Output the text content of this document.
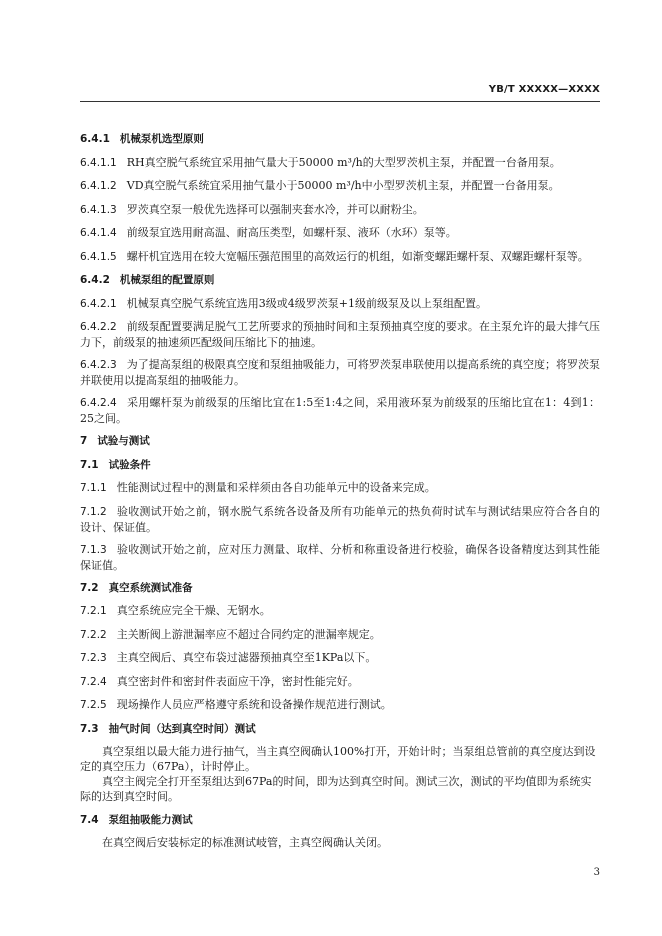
YB/T XXXXX—XXXX
6.4.1 机械泵机选型原则
6.4.1.1 RH真空脱气系统宜采用抽气量大于50000 m³/h的大型罗茨机主泵，并配置一台备用泵。
6.4.1.2 VD真空脱气系统宜采用抽气量小于50000 m³/h中小型罗茨机主泵，并配置一台备用泵。
6.4.1.3 罗茨真空泵一般优先选择可以强制夹套水冷，并可以耐粉尘。
6.4.1.4 前级泵宜选用耐高温、耐高压类型，如螺杆泵、液环（水环）泵等。
6.4.1.5 螺杆机宜选用在较大宽幅压强范围里的高效运行的机组，如渐变螺距螺杆泵、双螺距螺杆泵等。
6.4.2 机械泵组的配置原则
6.4.2.1 机械泵真空脱气系统宜选用3级或4级罗茨泵+1级前级泵及以上泵组配置。
6.4.2.2 前级泵配置要满足脱气工艺所要求的预抽时间和主泵预抽真空度的要求。在主泵允许的最大排气压力下，前级泵的抽速须匹配级间压缩比下的抽速。
6.4.2.3 为了提高泵组的极限真空度和泵组抽吸能力，可将罗茨泵串联使用以提高系统的真空度；将罗茨泵并联使用以提高泵组的抽吸能力。
6.4.2.4 采用螺杆泵为前级泵的压缩比宜在1:5至1:4之间，采用液环泵为前级泵的压缩比宜在1：4到1：25之间。
7 试验与测试
7.1 试验条件
7.1.1 性能测试过程中的测量和采样须由各自功能单元中的设备来完成。
7.1.2 验收测试开始之前，钢水脱气系统各设备及所有功能单元的热负荷时试车与测试结果应符合各自的设计、保证值。
7.1.3 验收测试开始之前，应对压力测量、取样、分析和称重设备进行校验，确保各设备精度达到其性能保证值。
7.2 真空系统测试准备
7.2.1 真空系统应完全干燥、无钢水。
7.2.2 主关断阀上游泄漏率应不超过合同约定的泄漏率规定。
7.2.3 主真空阀后、真空布袋过滤器预抽真空至1KPa以下。
7.2.4 真空密封件和密封件表面应干净，密封性能完好。
7.2.5 现场操作人员应严格遵守系统和设备操作规范进行测试。
7.3 抽气时间（达到真空时间）测试
真空泵组以最大能力进行抽气，当主真空阀确认100%打开，开始计时；当泵组总管前的真空度达到设定的真空压力（67Pa），计时停止。
真空主阀完全打开至泵组达到67Pa的时间，即为达到真空时间。测试三次，测试的平均值即为系统实际的达到真空时间。
7.4 泵组抽吸能力测试
在真空阀后安装标定的标准测试岐管，主真空阀确认关闭。
3
